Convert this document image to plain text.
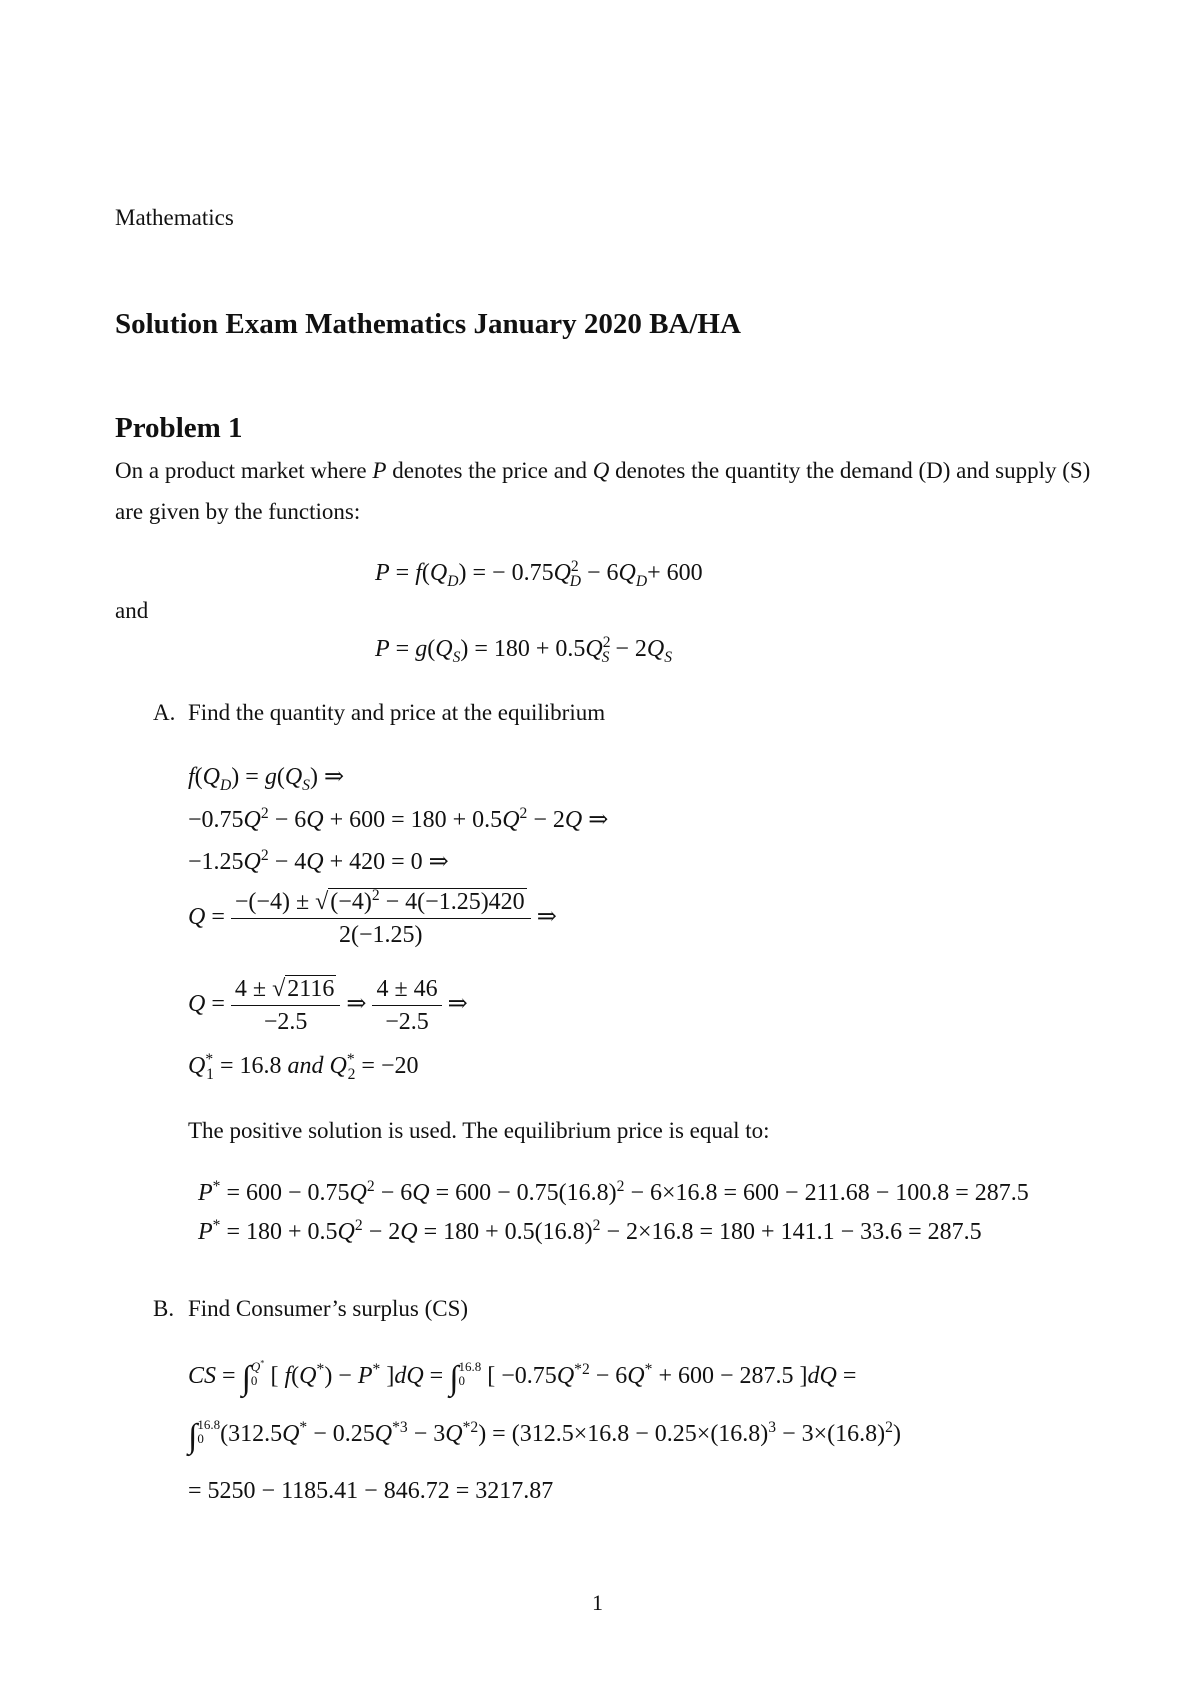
Mathematics
Solution Exam Mathematics January 2020 BA/HA
Problem 1
On a product market where P denotes the price and Q denotes the quantity the demand (D) and supply (S) are given by the functions:
$P = f(Q_D)$ = − $0.75Q^2_D - 6Q_D+ 600$
and
$P = g(Q_S) = 180 + 0.5Q^2_S - 2Q_S$
A. Find the quantity and price at the equilibrium
$f(Q_D) = g(Q_S)$ ⇒
$-0.75Q^2 - 6Q + 600 = 180 + 0.5Q^2 - 2Q$ ⇒
$-1.25Q^2 - 4Q + 420 = 0$ ⇒
$Q = \frac{-(-4) \pm √(-4)^2 - 4(-1.25)420}{2(-1.25)}$ ⇒
$Q = \frac{4 \pm √2116}{-2.5}$ ⇒ $\frac{4 \pm 46}{-2.5}$ ⇒
$Q^*_1 = 16.8$ and $Q^*_2 = -20$
The positive solution is used. The equilibrium price is equal to:
$P^* = 600 - 0.75Q^2 - 6Q = 600 - 0.75(16.8)^2 - 6\times 16.8 = 600 - 211.68 - 100.8 = 287.5$
$P^* = 180 + 0.5Q^2 - 2Q = 180 + 0.5(16.8)^2 - 2\times 16.8 = 180 + 141.1 - 33.6 = 287.5$
B. Find Consumer’s surplus (CS)
CS = ∫Q*
0 [ f(Q*) − P* ]dQ = ∫16.8
0 [ $-0.75Q^{*2} - 6Q^* + 600 - 287.5$ ]dQ =
∫16.8
0 $(312.5Q^* - 0.25Q^{*3} - 3Q^{*2}) = (312.5\times 16.8 - 0.25\times(16.8)^3 - 3\times(16.8)^2)$
= 5250 − 1185.41 − 846.72 = 3217.87
1
